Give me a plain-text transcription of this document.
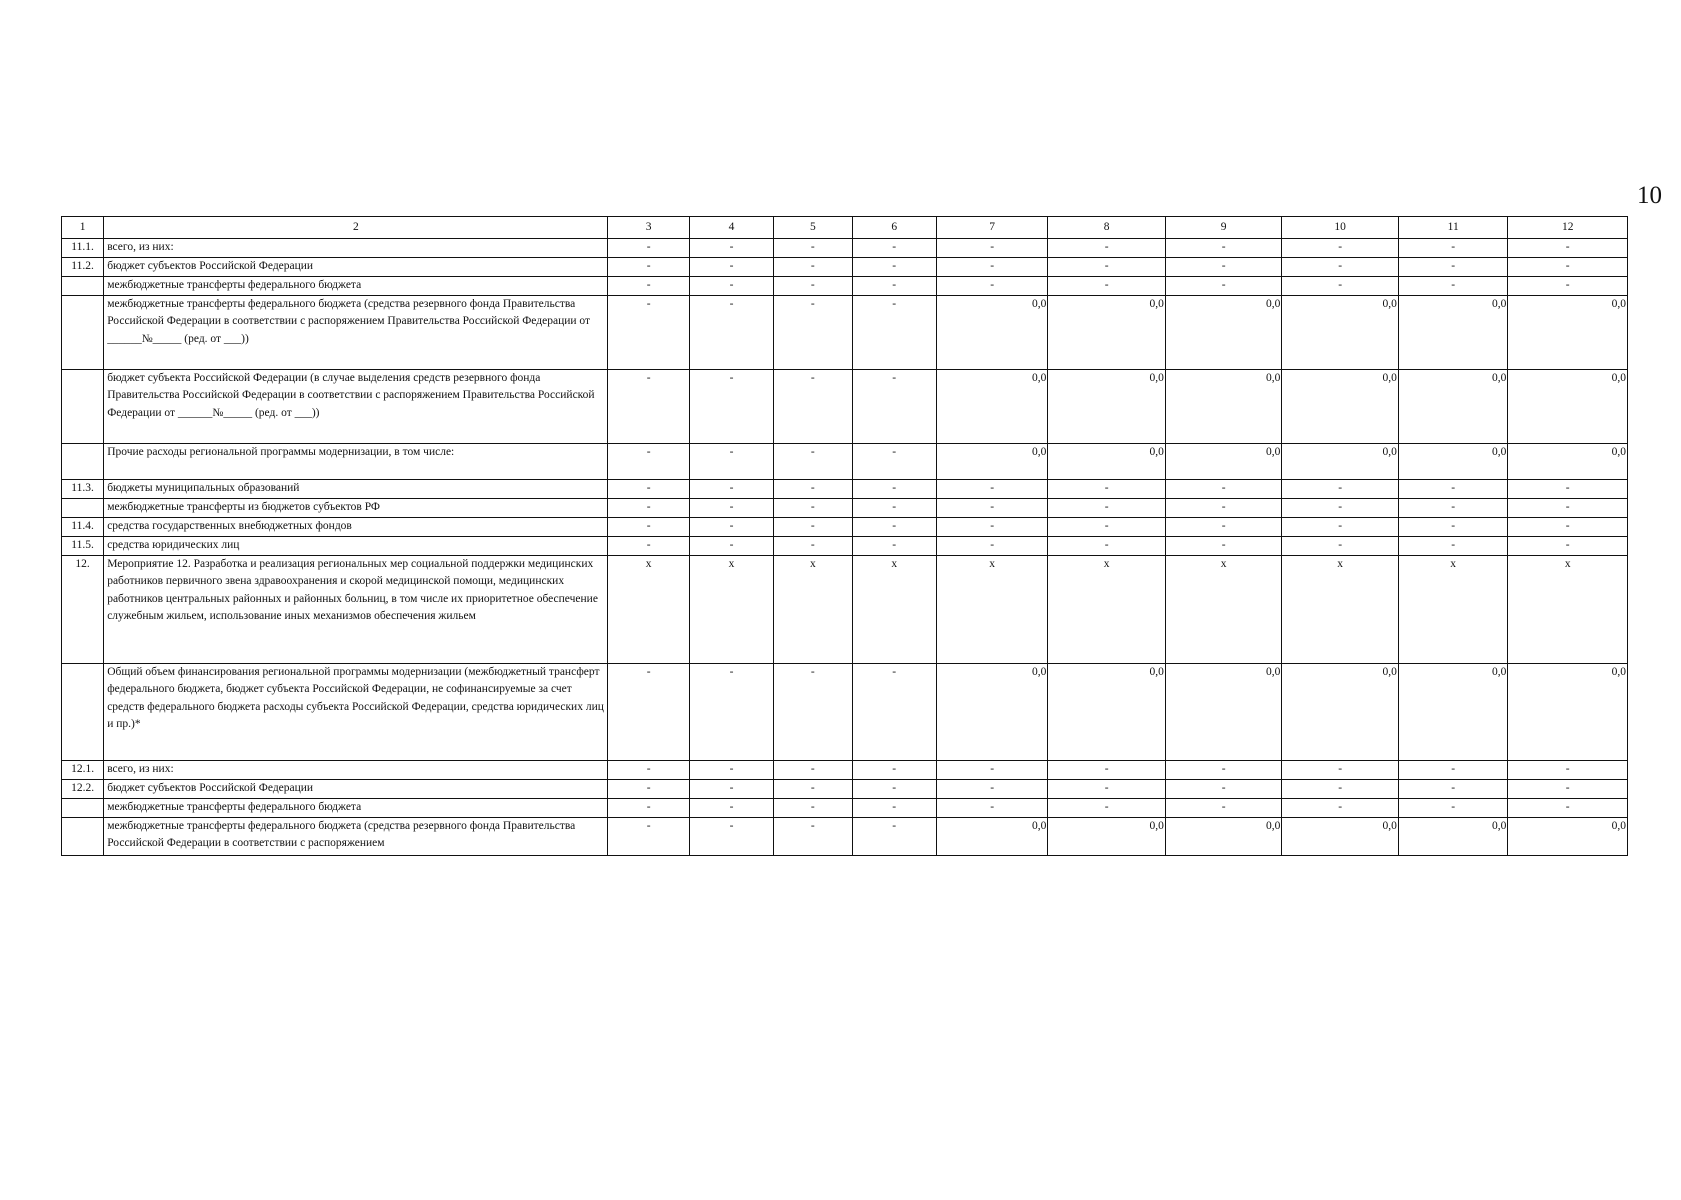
10
1	2	3	4	5	6	7	8	9	10	11	12
11.1.	всего, из них:	-	-	-	-	-	-	-	-	-	-
11.2.	бюджет субъектов Российской Федерации	-	-	-	-	-	-	-	-	-	-
	межбюджетные трансферты федерального бюджета	-	-	-	-	-	-	-	-	-	-
	межбюджетные трансферты федерального бюджета (средства резервного фонда Правительства Российской Федерации в соответствии с распоряжением Правительства Российской Федерации от ______№_____ (ред. от ___))	-	-	-	-	0,0	0,0	0,0	0,0	0,0	0,0
	бюджет субъекта Российской Федерации (в случае выделения средств резервного фонда Правительства Российской Федерации в соответствии с распоряжением Правительства Российской Федерации от ______№_____ (ред. от ___))	-	-	-	-	0,0	0,0	0,0	0,0	0,0	0,0
	Прочие расходы региональной программы модернизации, в том числе:	-	-	-	-	0,0	0,0	0,0	0,0	0,0	0,0
11.3.	бюджеты муниципальных образований	-	-	-	-	-	-	-	-	-	-
	межбюджетные трансферты из бюджетов субъектов РФ	-	-	-	-	-	-	-	-	-	-
11.4.	средства государственных внебюджетных фондов	-	-	-	-	-	-	-	-	-	-
11.5.	средства юридических лиц	-	-	-	-	-	-	-	-	-	-
12.	Мероприятие 12. Разработка и реализация региональных мер социальной поддержки медицинских работников первичного звена здравоохранения и скорой медицинской помощи, медицинских работников центральных районных и районных больниц, в том числе их приоритетное обеспечение служебным жильем, использование иных механизмов обеспечения жильем	х	х	х	х	х	х	х	х	х	х
	Общий объем финансирования региональной программы модернизации (межбюджетный трансферт федерального бюджета, бюджет субъекта Российской Федерации, не софинансируемые за счет средств федерального бюджета расходы субъекта Российской Федерации, средства юридических лиц и пр.)*	-	-	-	-	0,0	0,0	0,0	0,0	0,0	0,0
12.1.	всего, из них:	-	-	-	-	-	-	-	-	-	-
12.2.	бюджет субъектов Российской Федерации	-	-	-	-	-	-	-	-	-	-
	межбюджетные трансферты федерального бюджета	-	-	-	-	-	-	-	-	-	-
	межбюджетные трансферты федерального бюджета (средства резервного фонда Правительства Российской Федерации в соответствии с распоряжением	-	-	-	-	0,0	0,0	0,0	0,0	0,0	0,0
